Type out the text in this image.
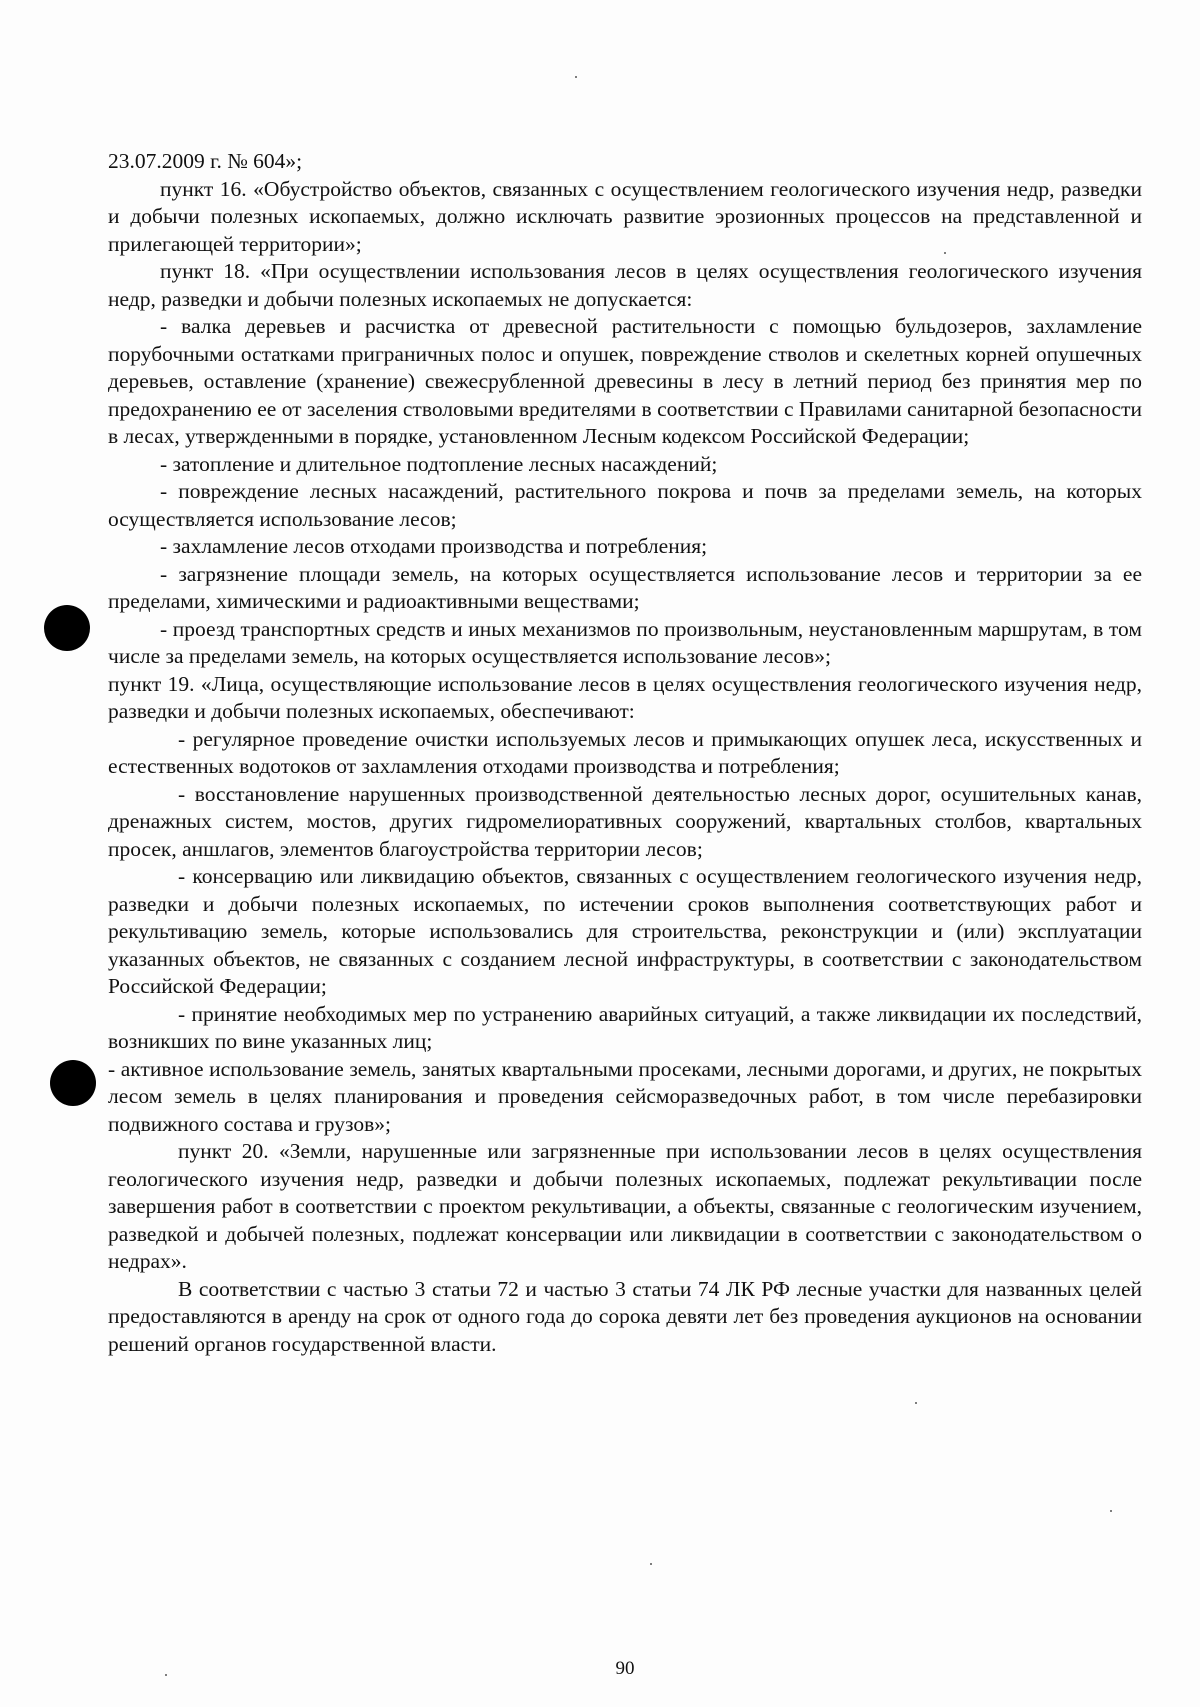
23.07.2009 г. № 604»;

пункт 16. «Обустройство объектов, связанных с осуществлением геологического изучения недр, разведки и добычи полезных ископаемых, должно исключать развитие эрозионных процессов на представленной и прилегающей территории»;

пункт 18. «При осуществлении использования лесов в целях осуществления геологического изучения недр, разведки и добычи полезных ископаемых не допускается:

- валка деревьев и расчистка от древесной растительности с помощью бульдозеров, захламление порубочными остатками приграничных полос и опушек, повреждение стволов и скелетных корней опушечных деревьев, оставление (хранение) свежесрубленной древесины в лесу в летний период без принятия мер по предохранению ее от заселения стволовыми вредителями в соответствии с Правилами санитарной безопасности в лесах, утвержденными в порядке, установленном Лесным кодексом Российской Федерации;

- затопление и длительное подтопление лесных насаждений;

- повреждение лесных насаждений, растительного покрова и почв за пределами земель, на которых осуществляется использование лесов;

- захламление лесов отходами производства и потребления;

- загрязнение площади земель, на которых осуществляется использование лесов и территории за ее пределами, химическими и радиоактивными веществами;

- проезд транспортных средств и иных механизмов по произвольным, неустановленным маршрутам, в том числе за пределами земель, на которых осуществляется использование лесов»;

пункт 19. «Лица, осуществляющие использование лесов в целях осуществления геологического изучения недр, разведки и добычи полезных ископаемых, обеспечивают:

- регулярное проведение очистки используемых лесов и примыкающих опушек леса, искусственных и естественных водотоков от захламления отходами производства и потребления;

- восстановление нарушенных производственной деятельностью лесных дорог, осушительных канав, дренажных систем, мостов, других гидромелиоративных сооружений, квартальных столбов, квартальных просек, аншлагов, элементов благоустройства территории лесов;

- консервацию или ликвидацию объектов, связанных с осуществлением геологического изучения недр, разведки и добычи полезных ископаемых, по истечении сроков выполнения соответствующих работ и рекультивацию земель, которые использовались для строительства, реконструкции и (или) эксплуатации указанных объектов, не связанных с созданием лесной инфраструктуры, в соответствии с законодательством Российской Федерации;

- принятие необходимых мер по устранению аварийных ситуаций, а также ликвидации их последствий, возникших по вине указанных лиц;

- активное использование земель, занятых квартальными просеками, лесными дорогами, и других, не покрытых лесом земель в целях планирования и проведения сейсморазведочных работ, в том числе перебазировки подвижного состава и грузов»;

пункт 20. «Земли, нарушенные или загрязненные при использовании лесов в целях осуществления геологического изучения недр, разведки и добычи полезных ископаемых, подлежат рекультивации после завершения работ в соответствии с проектом рекультивации, а объекты, связанные с геологическим изучением, разведкой и добычей полезных, подлежат консервации или ликвидации в соответствии с законодательством о недрах».

В соответствии с частью 3 статьи 72 и частью 3 статьи 74 ЛК РФ лесные участки для названных целей предоставляются в аренду на срок от одного года до сорока девяти лет без проведения аукционов на основании решений органов государственной власти.

90
